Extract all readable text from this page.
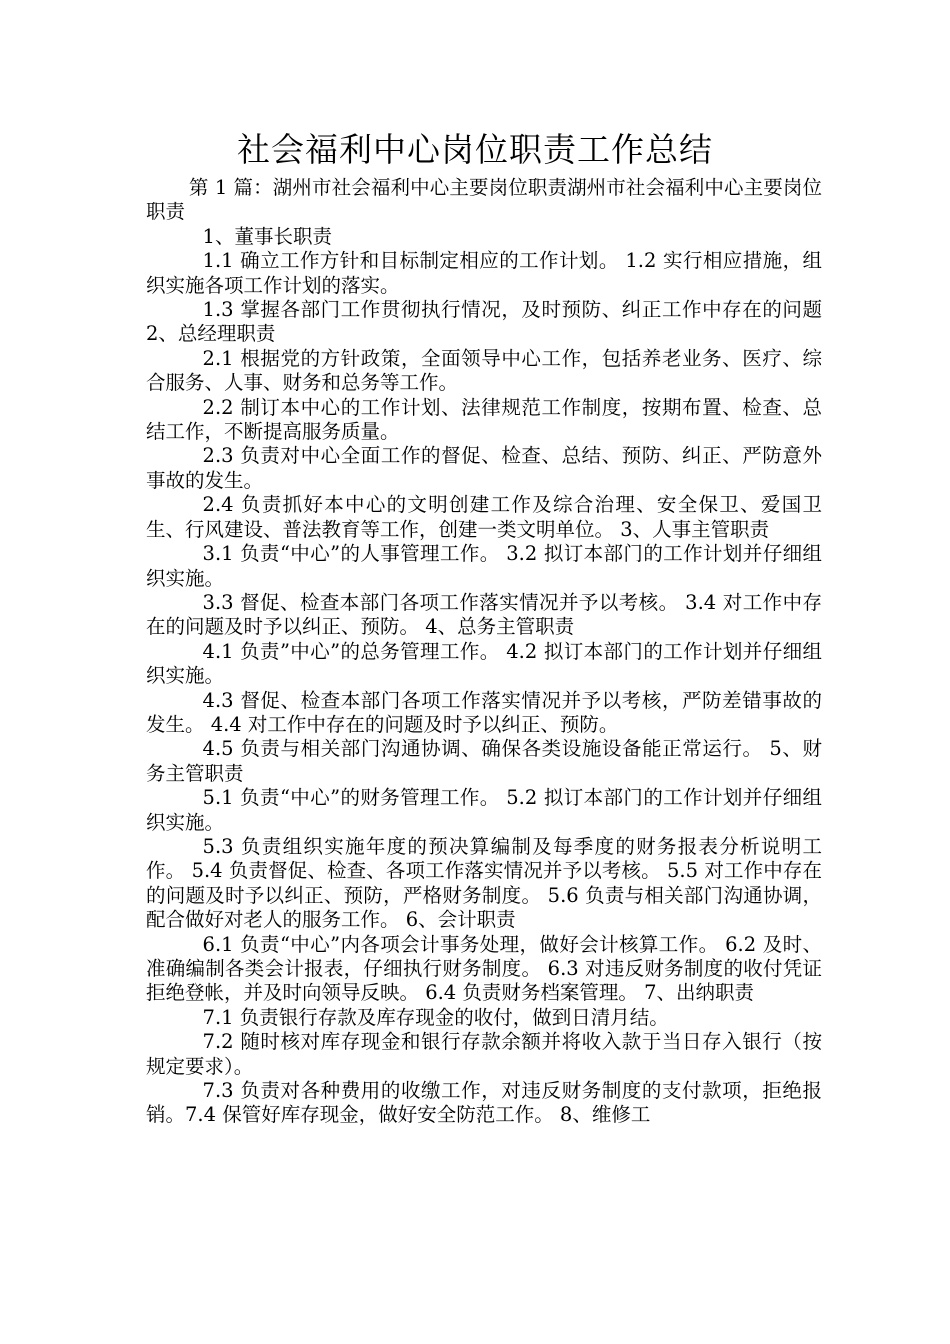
社会福利中心岗位职责工作总结

第 1 篇：湖州市社会福利中心主要岗位职责湖州市社会福利中心主要岗位职责

1、董事长职责

1.1 确立工作方针和目标制定相应的工作计划。 1.2 实行相应措施，组织实施各项工作计划的落实。

1.3 掌握各部门工作贯彻执行情况，及时预防、纠正工作中存在的问题 2、总经理职责

2.1 根据党的方针政策，全面领导中心工作，包括养老业务、医疗、综合服务、人事、财务和总务等工作。

2.2 制订本中心的工作计划、法律规范工作制度，按期布置、检查、总结工作，不断提高服务质量。

2.3 负责对中心全面工作的督促、检查、总结、预防、纠正、严防意外事故的发生。

2.4 负责抓好本中心的文明创建工作及综合治理、安全保卫、爱国卫生、行风建设、普法教育等工作，创建一类文明单位。 3、人事主管职责

3.1 负责“中心”的人事管理工作。 3.2 拟订本部门的工作计划并仔细组织实施。

3.3 督促、检查本部门各项工作落实情况并予以考核。 3.4 对工作中存在的问题及时予以纠正、预防。 4、总务主管职责

4.1 负责”中心”的总务管理工作。 4.2 拟订本部门的工作计划并仔细组织实施。

4.3 督促、检查本部门各项工作落实情况并予以考核，严防差错事故的发生。 4.4 对工作中存在的问题及时予以纠正、预防。

4.5 负责与相关部门沟通协调、确保各类设施设备能正常运行。 5、财务主管职责

5.1 负责“中心”的财务管理工作。 5.2 拟订本部门的工作计划并仔细组织实施。

5.3 负责组织实施年度的预决算编制及每季度的财务报表分析说明工作。 5.4 负责督促、检查、各项工作落实情况并予以考核。 5.5 对工作中存在的问题及时予以纠正、预防，严格财务制度。 5.6 负责与相关部门沟通协调，配合做好对老人的服务工作。 6、会计职责

6.1 负责“中心”内各项会计事务处理，做好会计核算工作。 6.2 及时、准确编制各类会计报表，仔细执行财务制度。 6.3 对违反财务制度的收付凭证拒绝登帐，并及时向领导反映。 6.4 负责财务档案管理。 7、出纳职责

7.1 负责银行存款及库存现金的收付，做到日清月结。

7.2 随时核对库存现金和银行存款余额并将收入款于当日存入银行（按规定要求）。

7.3 负责对各种费用的收缴工作，对违反财务制度的支付款项，拒绝报销。7.4 保管好库存现金，做好安全防范工作。 8、维修工
